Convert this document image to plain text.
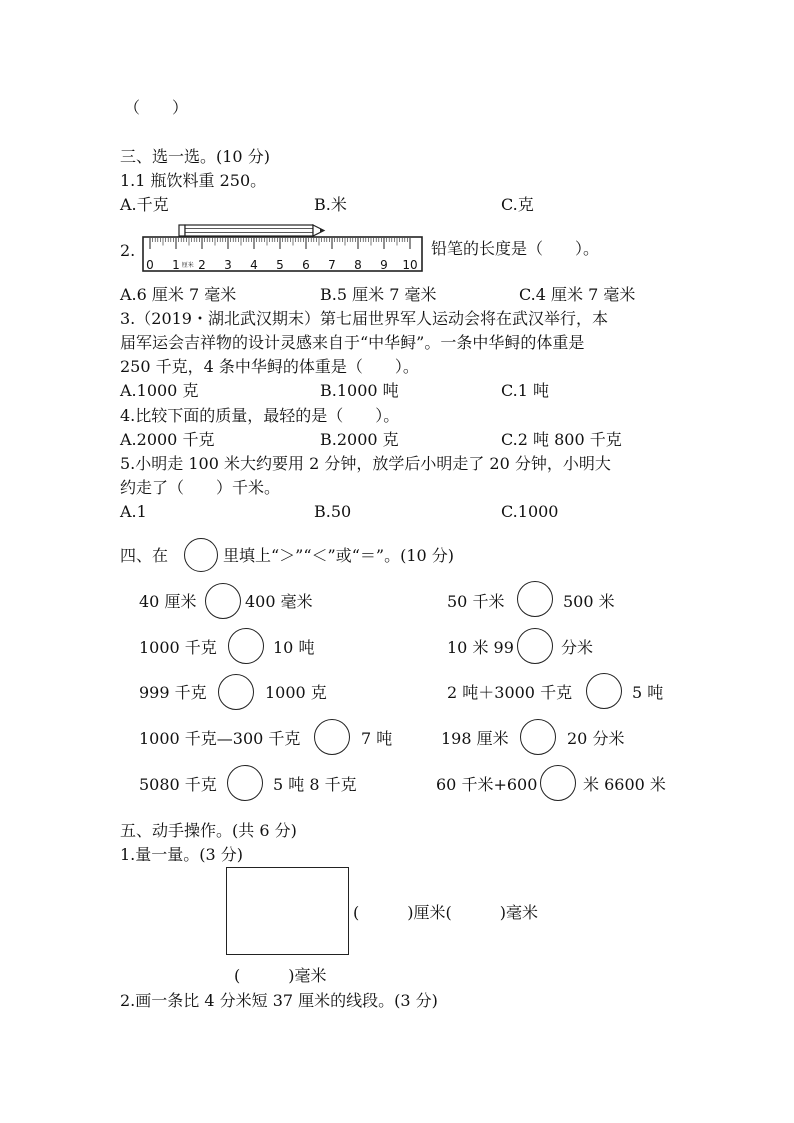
（　　）
三、选一选。(10 分)
1.1 瓶饮料重 250。
A.千克	B.米	C.克
2.
0 1 2 3 4 5 6 7 8 9 10
厘米
铅笔的长度是（　　）。
A.6 厘米 7 毫米	B.5 厘米 7 毫米	C.4 厘米 7 毫米
3.（2019・湖北武汉期末）第七届世界军人运动会将在武汉举行，本
届军运会吉祥物的设计灵感来自于“中华鲟”。一条中华鲟的体重是
250 千克，4 条中华鲟的体重是（　　）。
A.1000 克	B.1000 吨	C.1 吨
4.比较下面的质量，最轻的是（　　）。
A.2000 千克	B.2000 克	C.2 吨 800 千克
5.小明走 100 米大约要用 2 分钟，放学后小明走了 20 分钟，小明大
约走了（　　）千米。
A.1	B.50	C.1000
四、在	里填上“＞”“＜”或“＝”。(10 分)
40 厘米	400 毫米	50 千米	500 米
1000 千克	10 吨	10 米 99	分米
999 千克	1000 克	2 吨＋3000 千克	5 吨
1000 千克—300 千克	7 吨	198 厘米	20 分米
5080 千克	5 吨 8 千克	60 千米+600	米 6600 米
五、动手操作。(共 6 分)
1.量一量。(3 分)
(　　　)厘米(　　　)毫米
(　　　)毫米
2.画一条比 4 分米短 37 厘米的线段。(3 分)
